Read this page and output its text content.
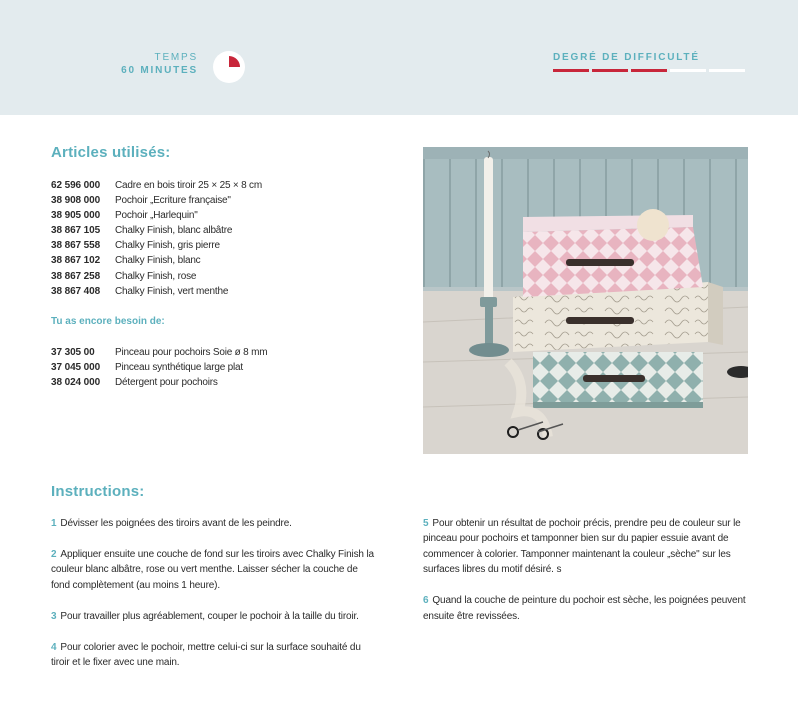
TEMPS
60 MINUTES
DEGRÉ DE DIFFICULTÉ
Articles utilisés:
62 596 000	Cadre en bois tiroir 25 × 25 × 8 cm
38 908 000	Pochoir „Ecriture française"
38 905 000	Pochoir „Harlequin"
38 867 105	Chalky Finish, blanc albâtre
38 867 558	Chalky Finish, gris pierre
38 867 102	Chalky Finish, blanc
38 867 258	Chalky Finish, rose
38 867 408	Chalky Finish, vert menthe
Tu as encore besoin de:
37 305 00	Pinceau pour pochoirs Soie ø 8 mm
37 045 000	Pinceau synthétique large plat
38 024 000	Détergent pour pochoirs
Instructions:

1 Dévisser les poignées des tiroirs avant de les peindre.

2 Appliquer ensuite une couche de fond sur les tiroirs avec Chalky Finish la couleur blanc albâtre, rose ou vert menthe. Laisser sécher la couche de fond complètement (au moins 1 heure).

3 Pour travailler plus agréablement, couper le pochoir à la taille du tiroir.

4 Pour colorier avec le pochoir, mettre celui-ci sur la surface souhaité du tiroir et le fixer avec une main.

5 Pour obtenir un résultat de pochoir précis, prendre peu de couleur sur le pinceau pour pochoirs et tamponner bien sur du papier essuie avant de commencer à colorier. Tamponner maintenant la couleur „sèche" sur les surfaces libres du motif désiré. s

6 Quand la couche de peinture du pochoir est sèche, les poignées peuvent ensuite être revissées.
